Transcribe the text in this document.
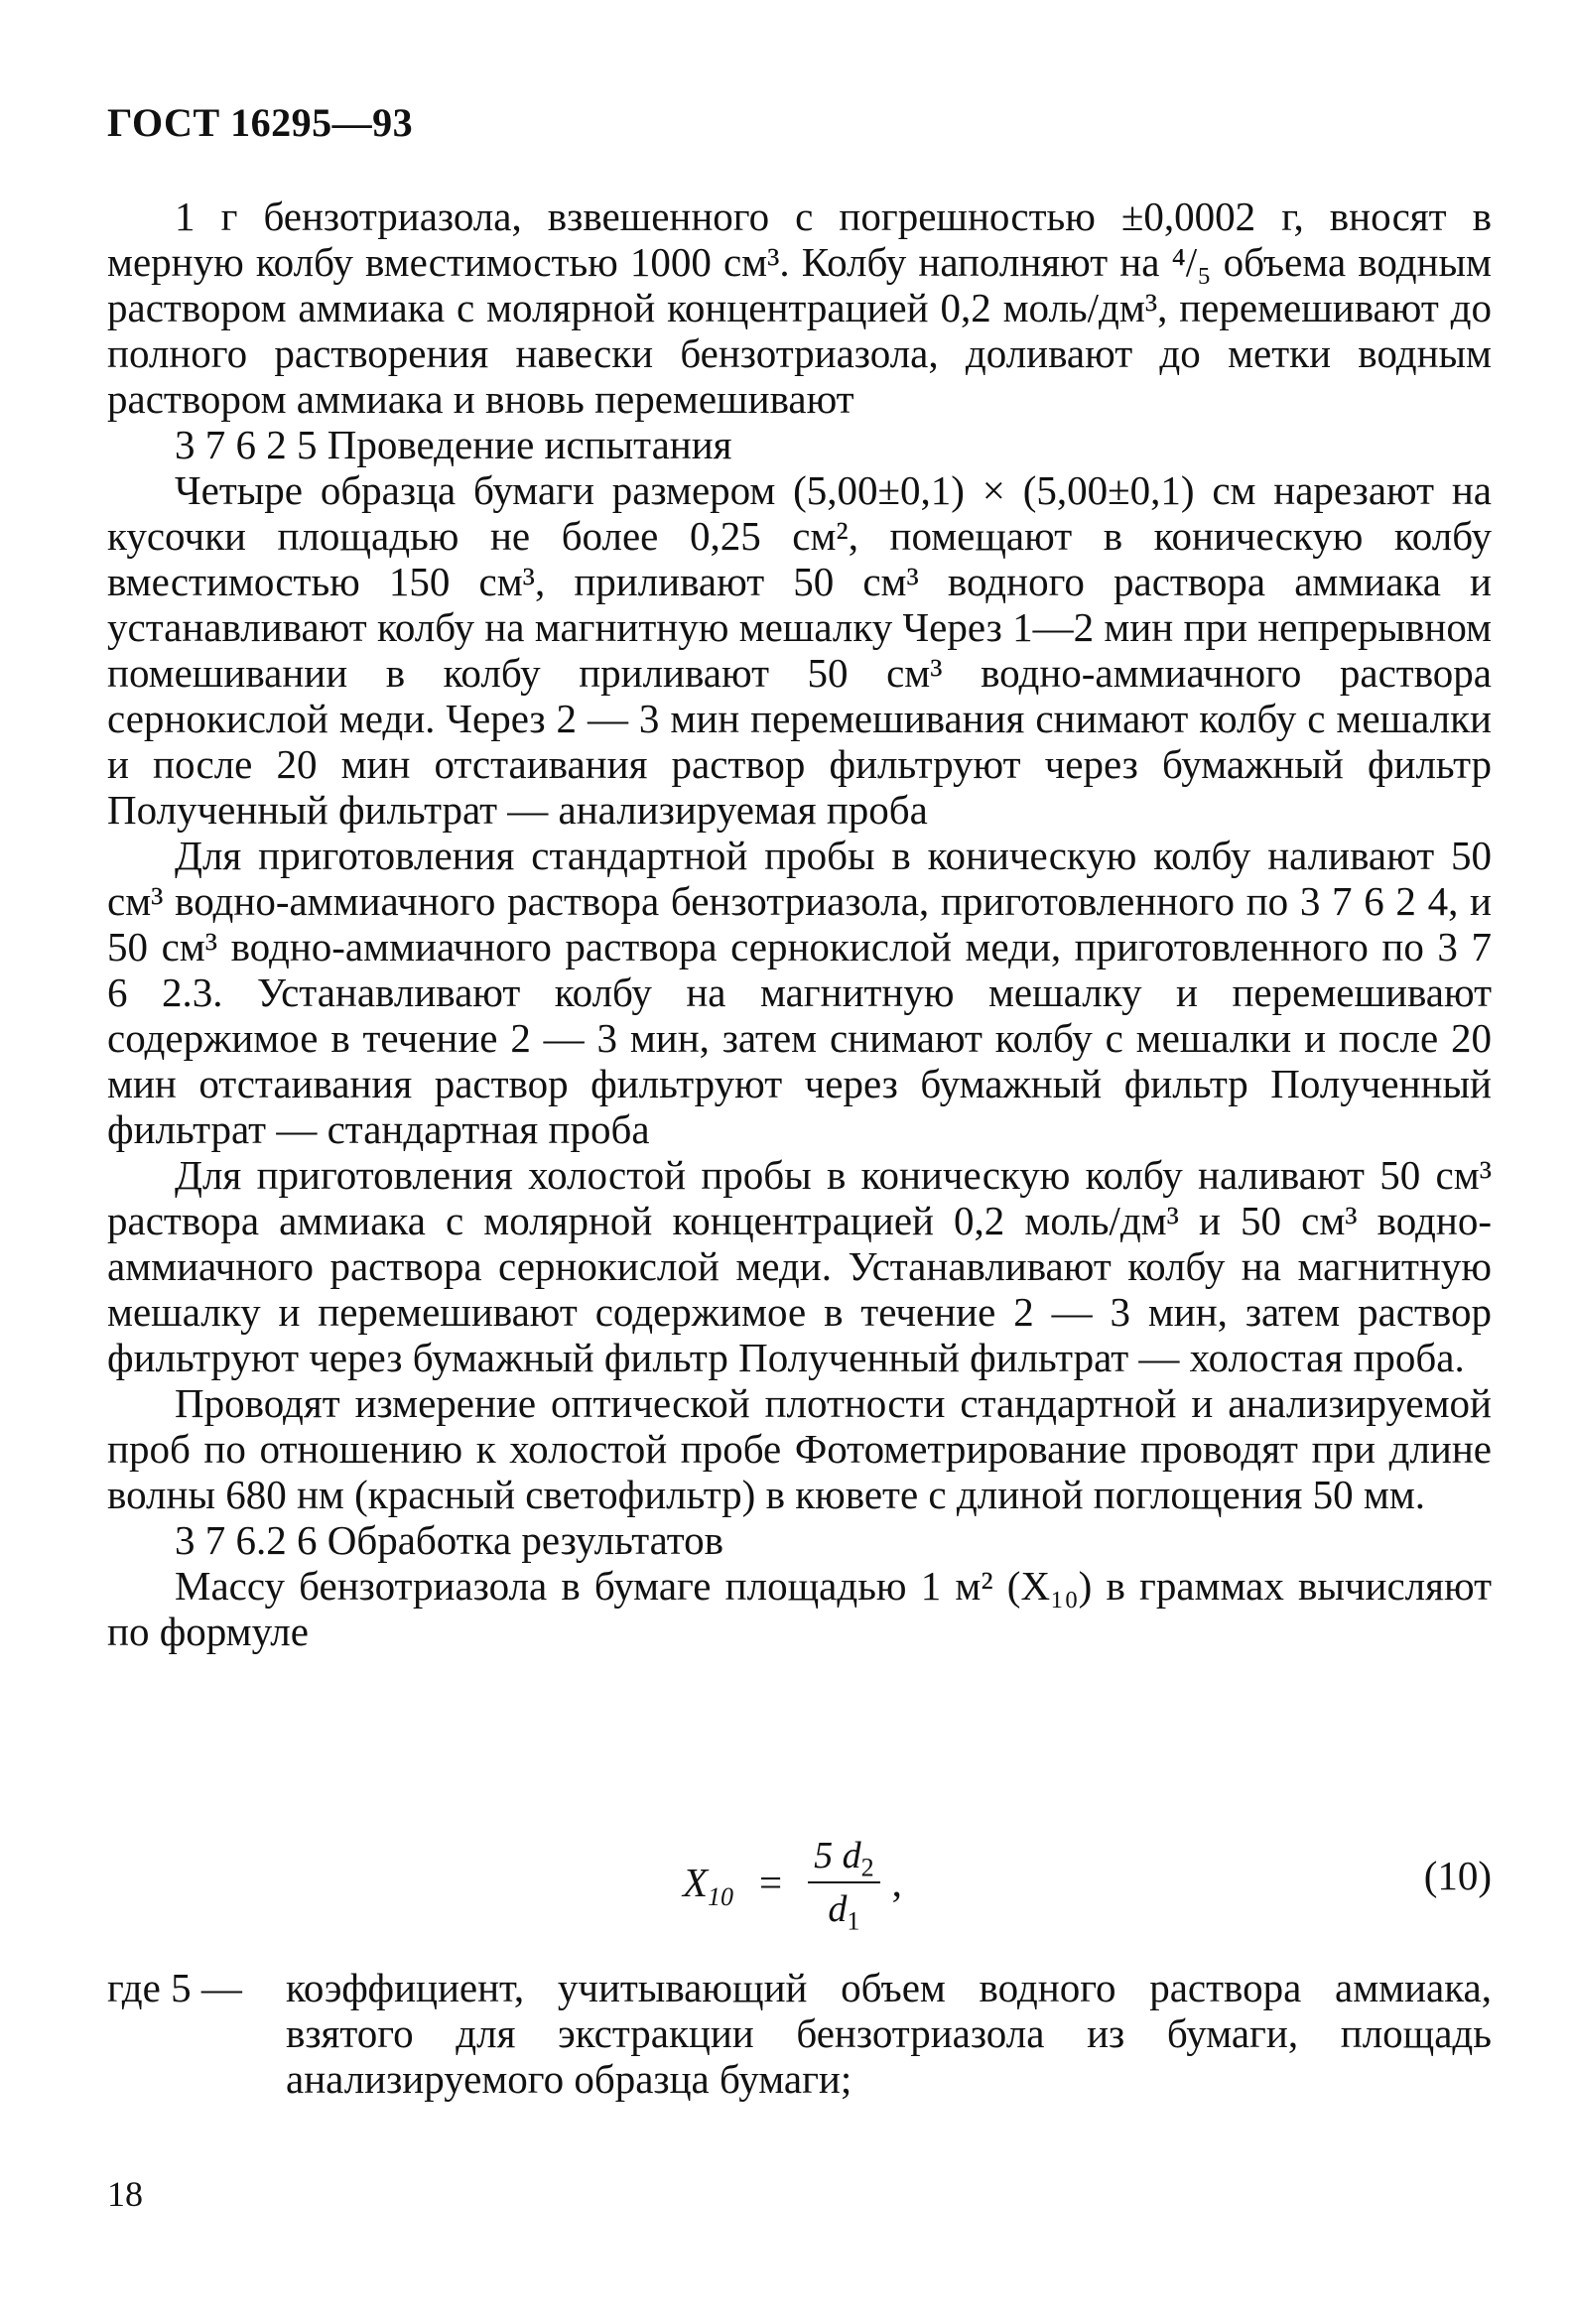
ГОСТ 16295—93

1 г бензотриазола, взвешенного с погрешностью ±0,0002 г, вносят в мерную колбу вместимостью 1000 см³. Колбу наполняют на ⁴/₅ объема водным раствором аммиака с молярной концентрацией 0,2 моль/дм³, перемешивают до полного растворения навески бензотриазола, доливают до метки водным раствором аммиака и вновь перемешивают

3 7 6 2 5 Проведение испытания

Четыре образца бумаги размером (5,00±0,1) × (5,00±0,1) см нарезают на кусочки площадью не более 0,25 см², помещают в коническую колбу вместимостью 150 см³, приливают 50 см³ водного раствора аммиака и устанавливают колбу на магнитную мешалку Через 1—2 мин при непрерывном помешивании в колбу приливают 50 см³ водно-аммиачного раствора сернокислой меди. Через 2 — 3 мин перемешивания снимают колбу с мешалки и после 20 мин отстаивания раствор фильтруют через бумажный фильтр Полученный фильтрат — анализируемая проба

Для приготовления стандартной пробы в коническую колбу наливают 50 см³ водно-аммиачного раствора бензотриазола, приготовленного по 3 7 6 2 4, и 50 см³ водно-аммиачного раствора сернокислой меди, приготовленного по 3 7 6 2.3. Устанавливают колбу на магнитную мешалку и перемешивают содержимое в течение 2 — 3 мин, затем снимают колбу с мешалки и после 20 мин отстаивания раствор фильтруют через бумажный фильтр Полученный фильтрат — стандартная проба

Для приготовления холостой пробы в коническую колбу наливают 50 см³ раствора аммиака с молярной концентрацией 0,2 моль/дм³ и 50 см³ водно-аммиачного раствора сернокислой меди. Устанавливают колбу на магнитную мешалку и перемешивают содержимое в течение 2 — 3 мин, затем раствор фильтруют через бумажный фильтр Полученный фильтрат — холостая проба.

Проводят измерение оптической плотности стандартной и анализируемой проб по отношению к холостой пробе Фотометрирование проводят при длине волны 680 нм (красный светофильтр) в кювете с длиной поглощения 50 мм.

3 7 6.2 6 Обработка результатов

Массу бензотриазола в бумаге площадью 1 м² (X₁₀) в граммах вычисляют по формуле

$X_{10} = \frac{5 d_2}{d_1}$ ,	(10)
где 5 —	коэффициент, учитывающий объем водного раствора аммиака, взятого для экстракции бензотриазола из бумаги, площадь анализируемого образца бумаги;
18
